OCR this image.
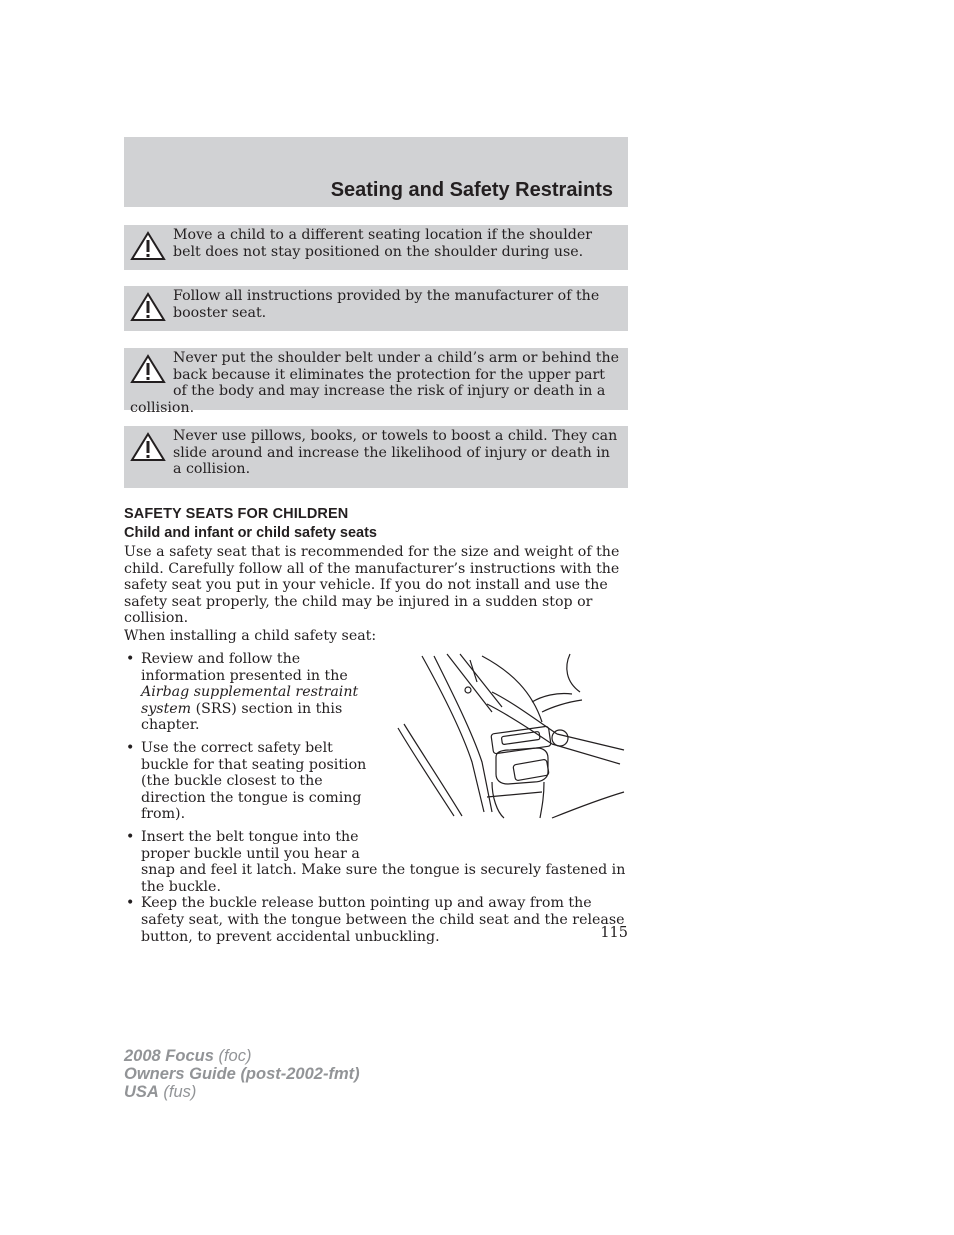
Seating and Safety Restraints
Move a child to a different seating location if the shoulder belt does not stay positioned on the shoulder during use.
Follow all instructions provided by the manufacturer of the booster seat.
Never put the shoulder belt under a child’s arm or behind the back because it eliminates the protection for the upper part of the body and may increase the risk of injury or death in a collision.
Never use pillows, books, or towels to boost a child. They can slide around and increase the likelihood of injury or death in a collision.
SAFETY SEATS FOR CHILDREN
Child and infant or child safety seats
Use a safety seat that is recommended for the size and weight of the child. Carefully follow all of the manufacturer’s instructions with the safety seat you put in your vehicle. If you do not install and use the safety seat properly, the child may be injured in a sudden stop or collision.
When installing a child safety seat:
• Review and follow the information presented in the Airbag supplemental restraint system (SRS) section in this chapter.
• Use the correct safety belt buckle for that seating position (the buckle closest to the direction the tongue is coming from).
• Insert the belt tongue into the proper buckle until you hear a
snap and feel it latch. Make sure the tongue is securely fastened in the buckle.
• Keep the buckle release button pointing up and away from the safety seat, with the tongue between the child seat and the release button, to prevent accidental unbuckling.	115
2008 Focus (foc)
Owners Guide (post-2002-fmt)
USA (fus)
